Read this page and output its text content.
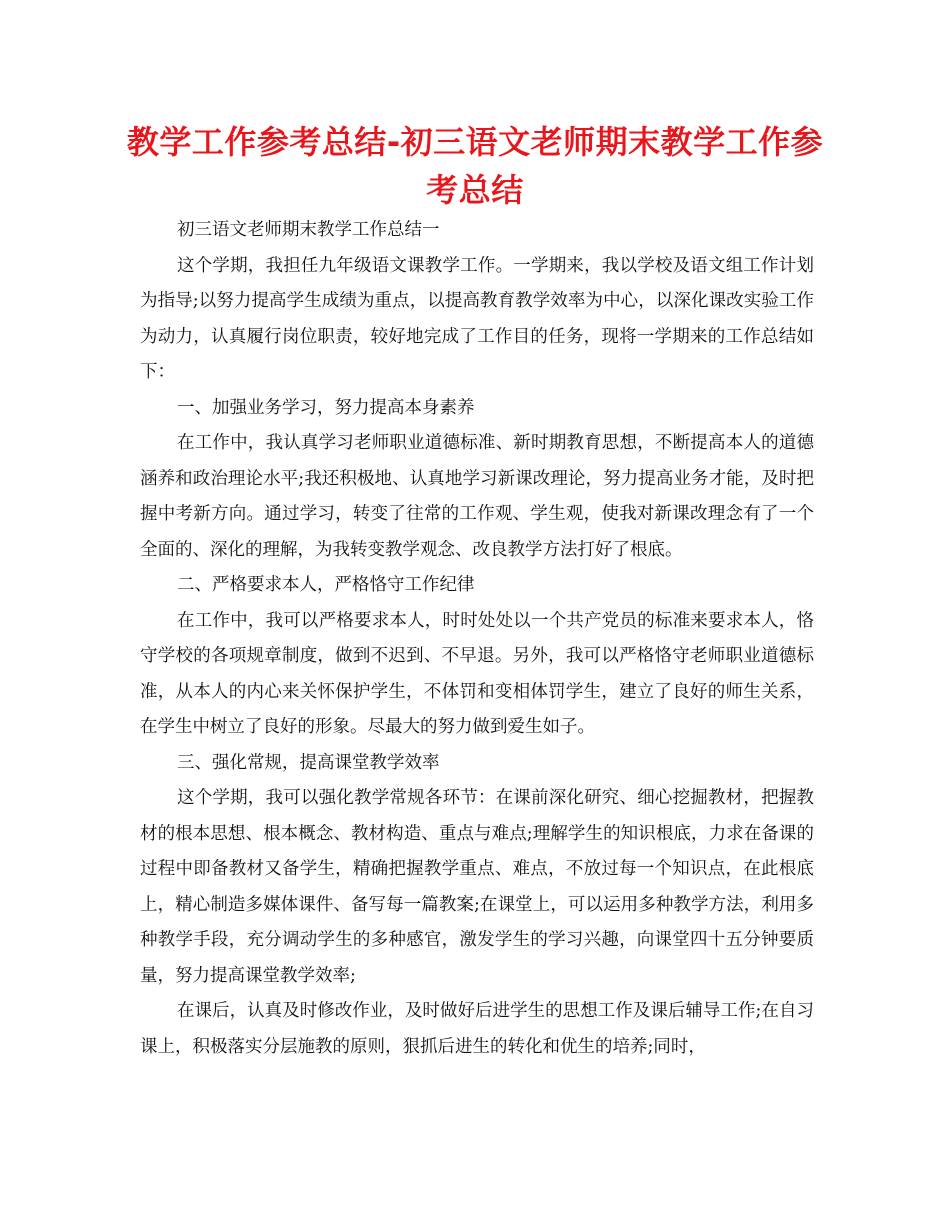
教学工作参考总结-初三语文老师期末教学工作参考总结

初三语文老师期末教学工作总结一

这个学期，我担任九年级语文课教学工作。一学期来，我以学校及语文组工作计划为指导;以努力提高学生成绩为重点，以提高教育教学效率为中心，以深化课改实验工作为动力，认真履行岗位职责，较好地完成了工作目的任务，现将一学期来的工作总结如下：

一、加强业务学习，努力提高本身素养

在工作中，我认真学习老师职业道德标准、新时期教育思想，不断提高本人的道德涵养和政治理论水平;我还积极地、认真地学习新课改理论，努力提高业务才能，及时把握中考新方向。通过学习，转变了往常的工作观、学生观，使我对新课改理念有了一个全面的、深化的理解，为我转变教学观念、改良教学方法打好了根底。

二、严格要求本人，严格恪守工作纪律

在工作中，我可以严格要求本人，时时处处以一个共产党员的标准来要求本人，恪守学校的各项规章制度，做到不迟到、不早退。另外，我可以严格恪守老师职业道德标准，从本人的内心来关怀保护学生，不体罚和变相体罚学生，建立了良好的师生关系，在学生中树立了良好的形象。尽最大的努力做到爱生如子。

三、强化常规，提高课堂教学效率

这个学期，我可以强化教学常规各环节：在课前深化研究、细心挖掘教材，把握教材的根本思想、根本概念、教材构造、重点与难点;理解学生的知识根底，力求在备课的过程中即备教材又备学生，精确把握教学重点、难点，不放过每一个知识点，在此根底上，精心制造多媒体课件、备写每一篇教案;在课堂上，可以运用多种教学方法，利用多种教学手段，充分调动学生的多种感官，激发学生的学习兴趣，向课堂四十五分钟要质量，努力提高课堂教学效率;

在课后，认真及时修改作业，及时做好后进学生的思想工作及课后辅导工作;在自习课上，积极落实分层施教的原则，狠抓后进生的转化和优生的培养;同时，
